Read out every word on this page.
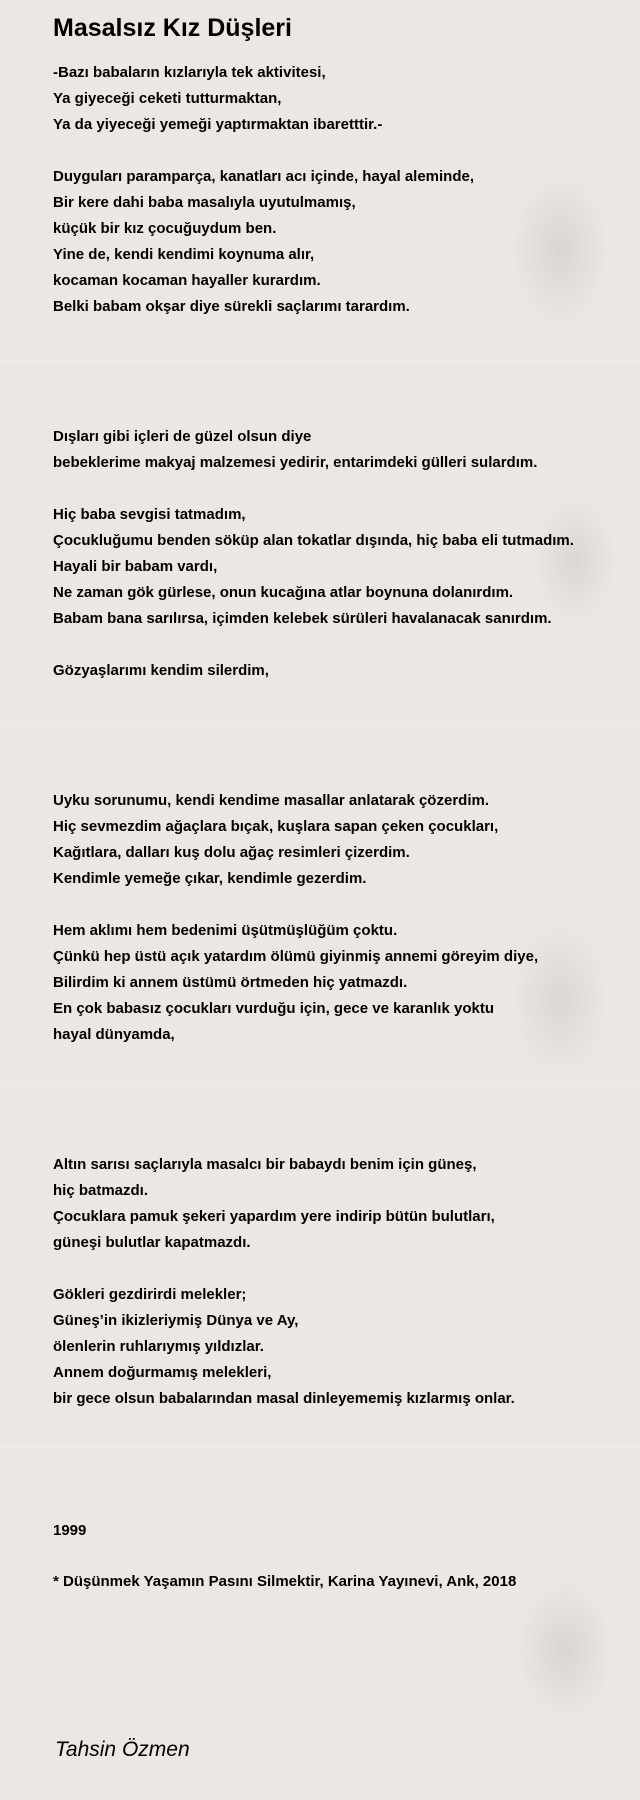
Masalsız Kız Düşleri
-Bazı babaların kızlarıyla tek aktivitesi,
Ya giyeceği ceketi tutturmaktan,
Ya da yiyeceği yemeği yaptırmaktan ibaretttir.-
Duyguları paramparça, kanatları acı içinde, hayal aleminde,
Bir kere dahi baba masalıyla uyutulmamış,
küçük bir kız çocuğuydum ben.
Yine de, kendi kendimi koynuma alır,
kocaman kocaman hayaller kurardım.
Belki babam okşar diye sürekli saçlarımı tarardım.
Dışları gibi içleri de güzel olsun diye
bebeklerime makyaj malzemesi yedirir, entarimdeki gülleri sulardım.
Hiç baba sevgisi tatmadım,
Çocukluğumu benden söküp alan tokatlar dışında, hiç baba eli tutmadım.
Hayali bir babam vardı,
Ne zaman gök gürlese, onun kucağına atlar boynuna dolanırdım.
Babam bana sarılırsa, içimden kelebek sürüleri havalanacak sanırdım.
Gözyaşlarımı kendim silerdim,
Uyku sorunumu, kendi kendime masallar anlatarak çözerdim.
Hiç sevmezdim ağaçlara bıçak, kuşlara sapan çeken çocukları,
Kağıtlara, dalları kuş dolu ağaç resimleri çizerdim.
Kendimle yemeğe çıkar, kendimle gezerdim.
Hem aklımı hem bedenimi üşütmüşlüğüm çoktu.
Çünkü hep üstü açık yatardım ölümü giyinmiş annemi göreyim diye,
Bilirdim ki annem üstümü örtmeden hiç yatmazdı.
En çok babasız çocukları vurduğu için, gece ve karanlık yoktu
hayal dünyamda,
Altın sarısı saçlarıyla masalcı bir babaydı benim için güneş,
hiç batmazdı.
Çocuklara pamuk şekeri yapardım yere indirip bütün bulutları,
güneşi bulutlar kapatmazdı.
Gökleri gezdirirdi melekler;
Güneş’in ikizleriymiş Dünya ve Ay,
ölenlerin ruhlarıymış yıldızlar.
Annem doğurmamış melekleri,
bir gece olsun babalarından masal dinleyememiş kızlarmış onlar.
1999
* Düşünmek Yaşamın Pasını Silmektir, Karina Yayınevi, Ank, 2018
Tahsin Özmen
